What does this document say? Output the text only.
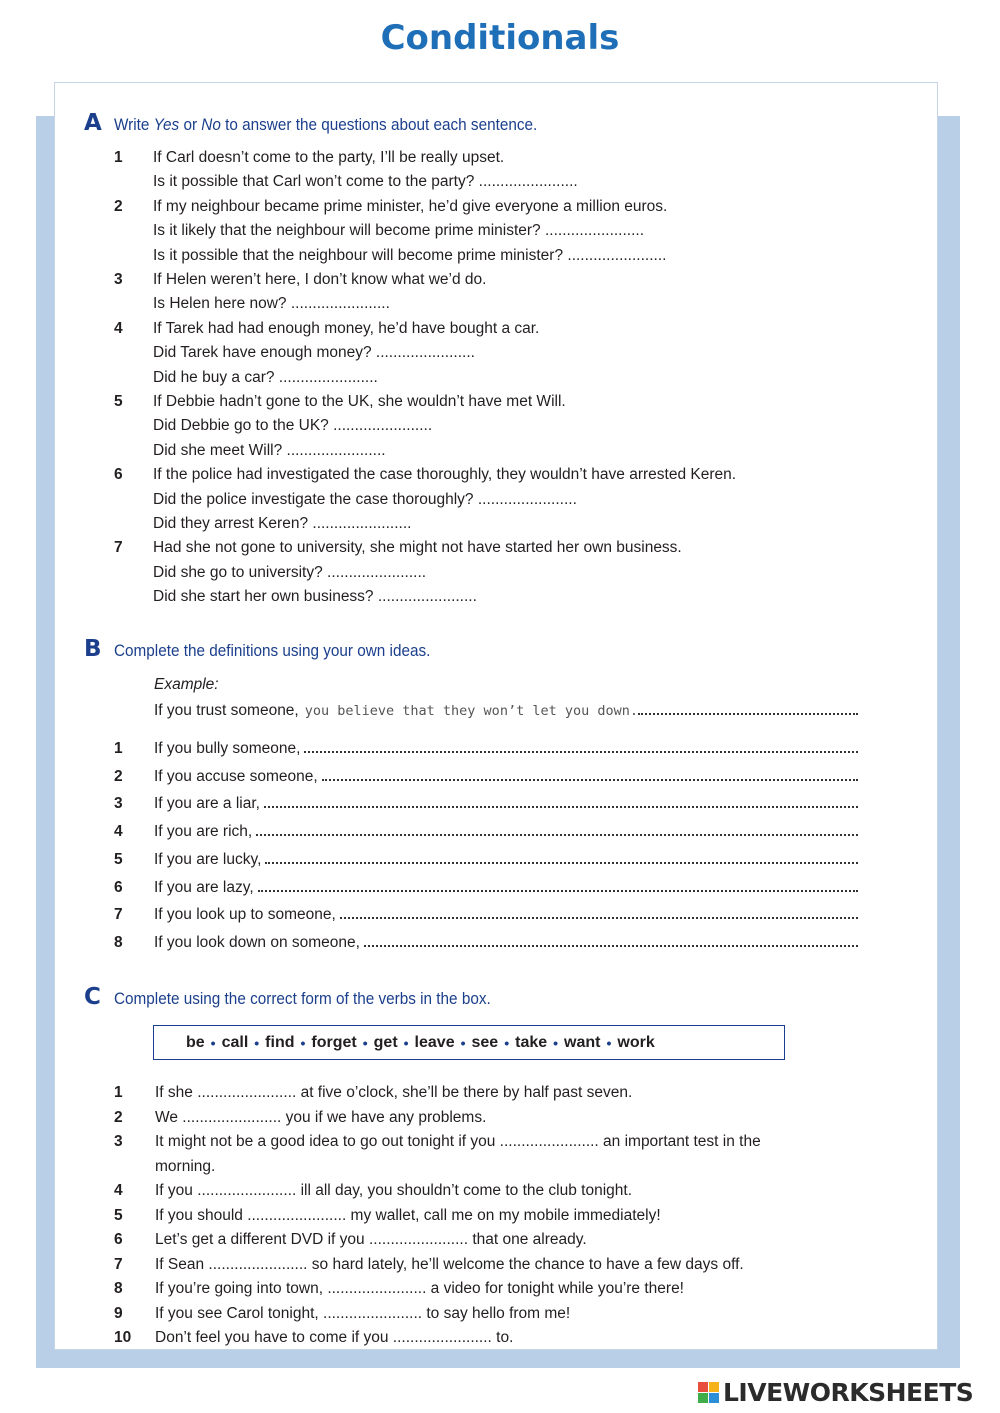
Conditionals
A Write Yes or No to answer the questions about each sentence.
1 If Carl doesn’t come to the party, I’ll be really upset.
Is it possible that Carl won’t come to the party? .......................
2 If my neighbour became prime minister, he’d give everyone a million euros.
Is it likely that the neighbour will become prime minister? .......................
Is it possible that the neighbour will become prime minister? .......................
3 If Helen weren’t here, I don’t know what we’d do.
Is Helen here now? .......................
4 If Tarek had had enough money, he’d have bought a car.
Did Tarek have enough money? .......................
Did he buy a car? .......................
5 If Debbie hadn’t gone to the UK, she wouldn’t have met Will.
Did Debbie go to the UK? .......................
Did she meet Will? .......................
6 If the police had investigated the case thoroughly, they wouldn’t have arrested Keren.
Did the police investigate the case thoroughly? .......................
Did they arrest Keren? .......................
7 Had she not gone to university, she might not have started her own business.
Did she go to university? .......................
Did she start her own business? .......................
B Complete the definitions using your own ideas.
Example:
If you trust someone, you believe that they won’t let you down.
1	If you bully someone,
2	If you accuse someone,
3	If you are a liar,
4	If you are rich,
5	If you are lucky,
6	If you are lazy,
7	If you look up to someone,
8	If you look down on someone,
C Complete using the correct form of the verbs in the box.
be • call • find • forget • get • leave • see • take • want • work
1 If she ....................... at five o’clock, she’ll be there by half past seven.
2 We ....................... you if we have any problems.
3 It might not be a good idea to go out tonight if you ....................... an important test in the
morning.
4 If you ....................... ill all day, you shouldn’t come to the club tonight.
5 If you should ....................... my wallet, call me on my mobile immediately!
6 Let’s get a different DVD if you ....................... that one already.
7 If Sean ....................... so hard lately, he’ll welcome the chance to have a few days off.
8 If you’re going into town, ....................... a video for tonight while you’re there!
9 If you see Carol tonight, ....................... to say hello from me!
10 Don’t feel you have to come if you ....................... to.
LIVEWORKSHEETS
